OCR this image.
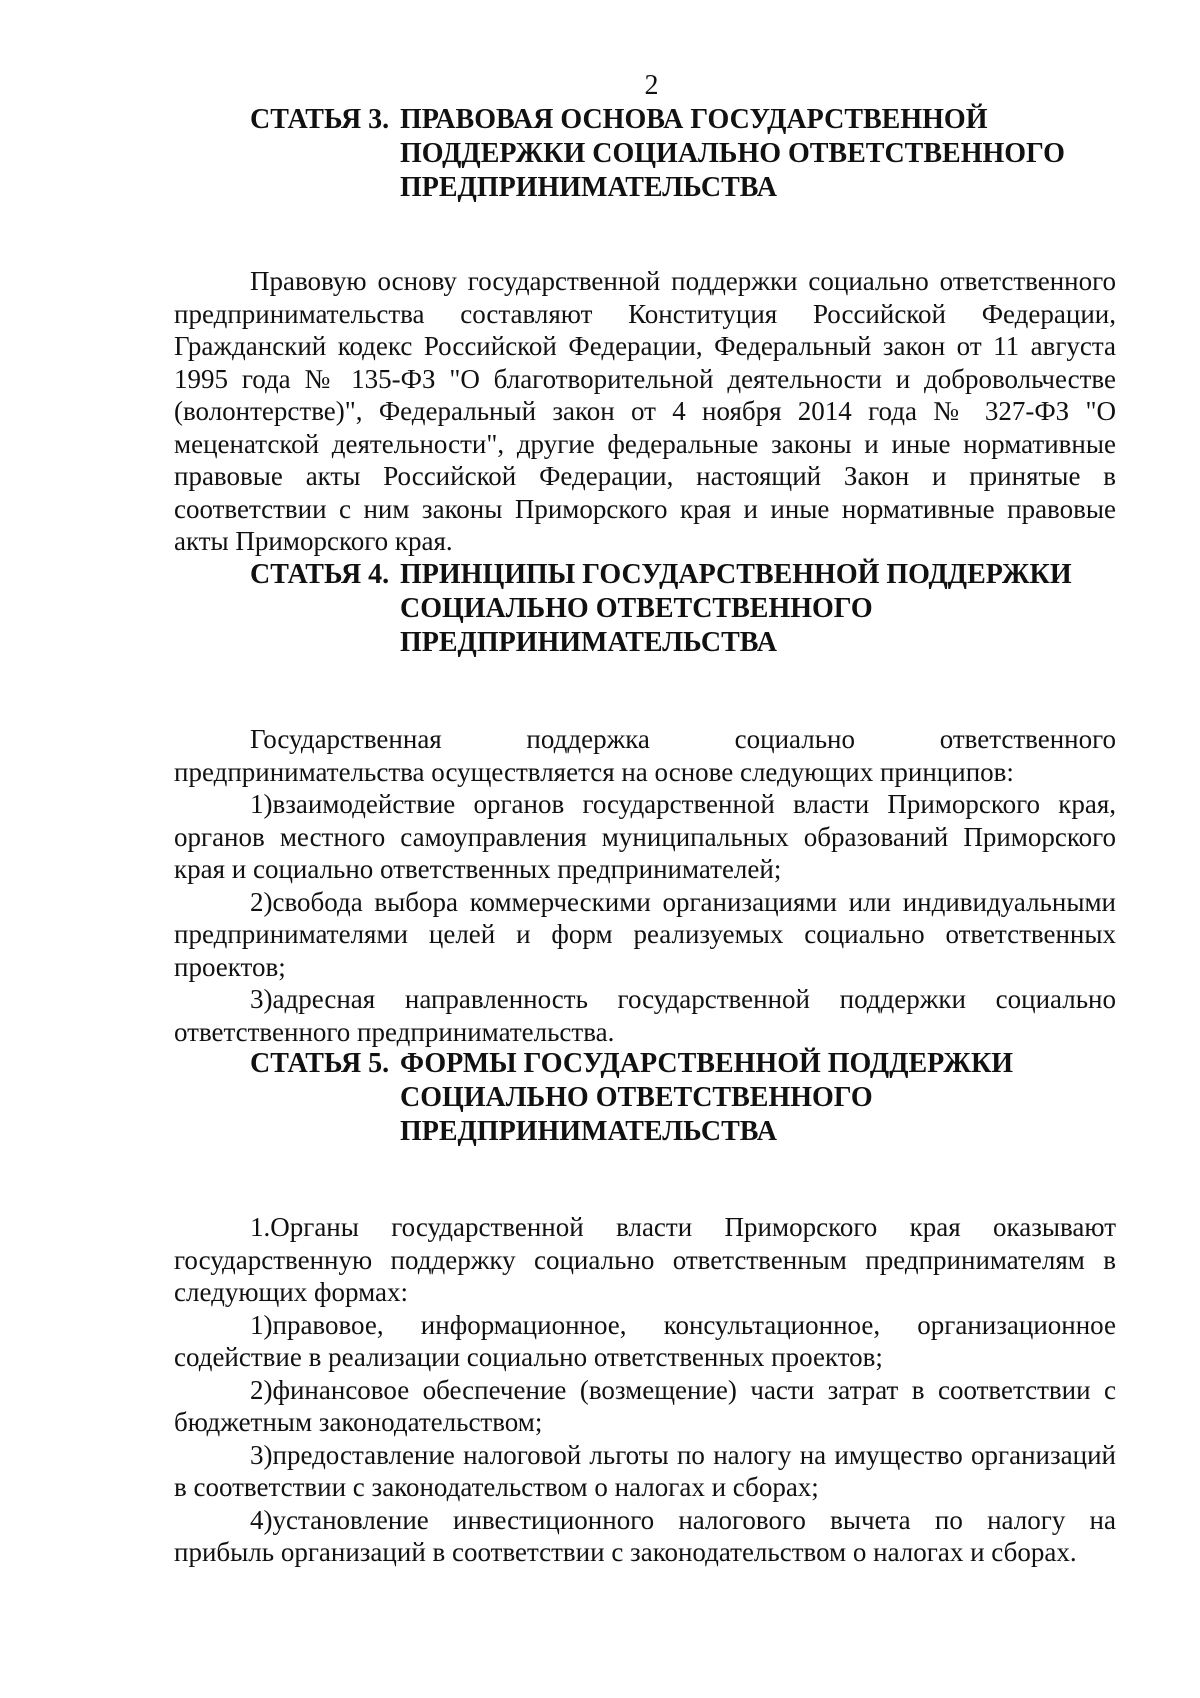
2
СТАТЬЯ 3. ПРАВОВАЯ ОСНОВА ГОСУДАРСТВЕННОЙ
ПОДДЕРЖКИ СОЦИАЛЬНО ОТВЕТСТВЕННОГО
ПРЕДПРИНИМАТЕЛЬСТВА

Правовую основу государственной поддержки социально ответственного предпринимательства составляют Конституция Российской Федерации, Гражданский кодекс Российской Федерации, Федеральный закон от 11 августа 1995 года № 135-ФЗ "О благотворительной деятельности и добровольчестве (волонтерстве)", Федеральный закон от 4 ноября 2014 года № 327-ФЗ "О меценатской деятельности", другие федеральные законы и иные нормативные правовые акты Российской Федерации, настоящий Закон и принятые в соответствии с ним законы Приморского края и иные нормативные правовые акты Приморского края.

СТАТЬЯ 4. ПРИНЦИПЫ ГОСУДАРСТВЕННОЙ ПОДДЕРЖКИ
СОЦИАЛЬНО ОТВЕТСТВЕННОГО
ПРЕДПРИНИМАТЕЛЬСТВА

Государственная поддержка социально ответственного предпринимательства осуществляется на основе следующих принципов:

1)взаимодействие органов государственной власти Приморского края, органов местного самоуправления муниципальных образований Приморского края и социально ответственных предпринимателей;

2)свобода выбора коммерческими организациями или индивидуальными предпринимателями целей и форм реализуемых социально ответственных проектов;

3)адресная направленность государственной поддержки социально ответственного предпринимательства.

СТАТЬЯ 5. ФОРМЫ ГОСУДАРСТВЕННОЙ ПОДДЕРЖКИ
СОЦИАЛЬНО ОТВЕТСТВЕННОГО
ПРЕДПРИНИМАТЕЛЬСТВА

1.Органы государственной власти Приморского края оказывают государственную поддержку социально ответственным предпринимателям в следующих формах:

1)правовое, информационное, консультационное, организационное содействие в реализации социально ответственных проектов;

2)финансовое обеспечение (возмещение) части затрат в соответствии с бюджетным законодательством;

3)предоставление налоговой льготы по налогу на имущество организаций в соответствии с законодательством о налогах и сборах;

4)установление инвестиционного налогового вычета по налогу на прибыль организаций в соответствии с законодательством о налогах и сборах.
